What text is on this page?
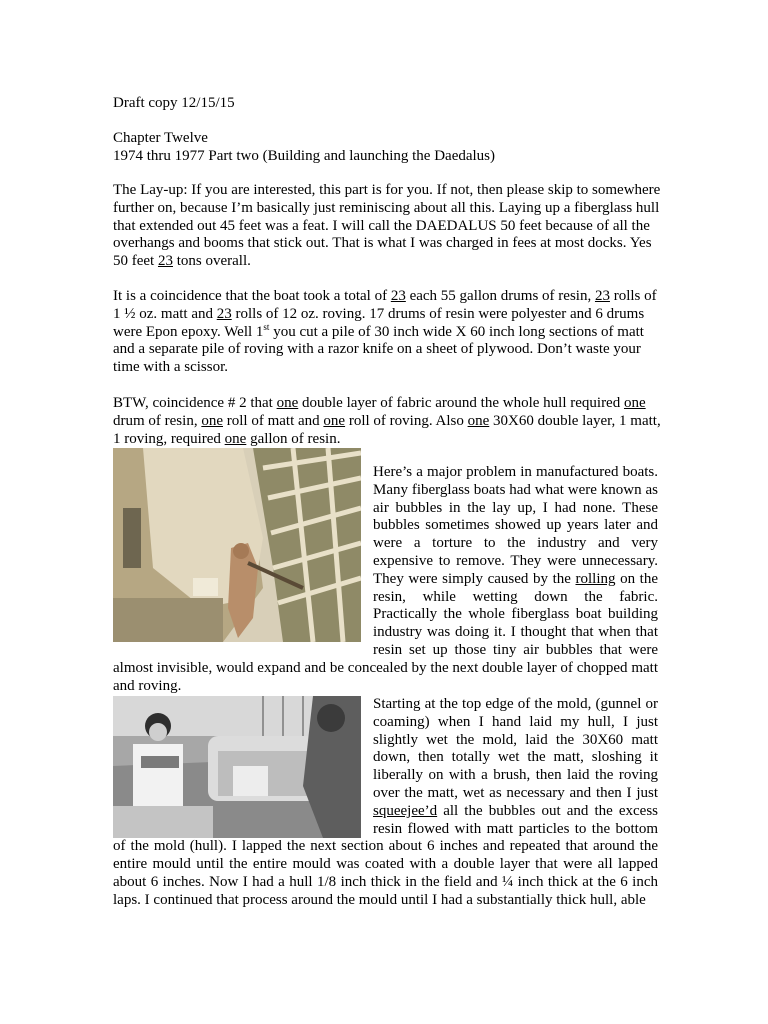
Draft copy 12/15/15

Chapter Twelve

1974 thru 1977 Part two (Building and launching the Daedalus)

The Lay-up: If you are interested, this part is for you. If not, then please skip to somewhere further on, because I’m basically just reminiscing about all this. Laying up a fiberglass hull that extended out 45 feet was a feat. I will call the DAEDALUS 50 feet because of all the overhangs and booms that stick out. That is what I was charged in fees at most docks. Yes 50 feet 23 tons overall.

It is a coincidence that the boat took a total of 23 each 55 gallon drums of resin, 23 rolls of 1 ½ oz. matt and 23 rolls of 12 oz. roving. 17 drums of resin were polyester and 6 drums were Epon epoxy. Well 1st you cut a pile of 30 inch wide X 60 inch long sections of matt and a separate pile of roving with a razor knife on a sheet of plywood. Don’t waste your time with a scissor.

BTW, coincidence # 2 that one double layer of fabric around the whole hull required one drum of resin, one roll of matt and one roll of roving. Also one 30X60 double layer, 1 matt, 1 roving, required one gallon of resin.

Here’s a major problem in manufactured boats. Many fiberglass boats had what were known as air bubbles in the lay up, I had none. These bubbles sometimes showed up years later and were a torture to the industry and very expensive to remove. They were unnecessary. They were simply caused by the rolling on the resin, while wetting down the fabric. Practically the whole fiberglass boat building industry was doing it. I thought that when that resin set up those tiny air bubbles that were almost invisible, would expand and be concealed by the next double layer of chopped matt and roving.

Starting at the top edge of the mold, (gunnel or coaming) when I hand laid my hull, I just slightly wet the mold, laid the 30X60 matt down, then totally wet the matt, sloshing it liberally on with a brush, then laid the roving over the matt, wet as necessary and then I just squeejee’d all the bubbles out and the excess resin flowed with matt particles to the bottom of the mold (hull). I lapped the next section about 6 inches and repeated that around the entire mould until the entire mould was coated with a double layer that were all lapped about 6 inches. Now I had a hull 1/8 inch thick in the field and ¼ inch thick at the 6 inch laps. I continued that process around the mould until I had a substantially thick hull, able
